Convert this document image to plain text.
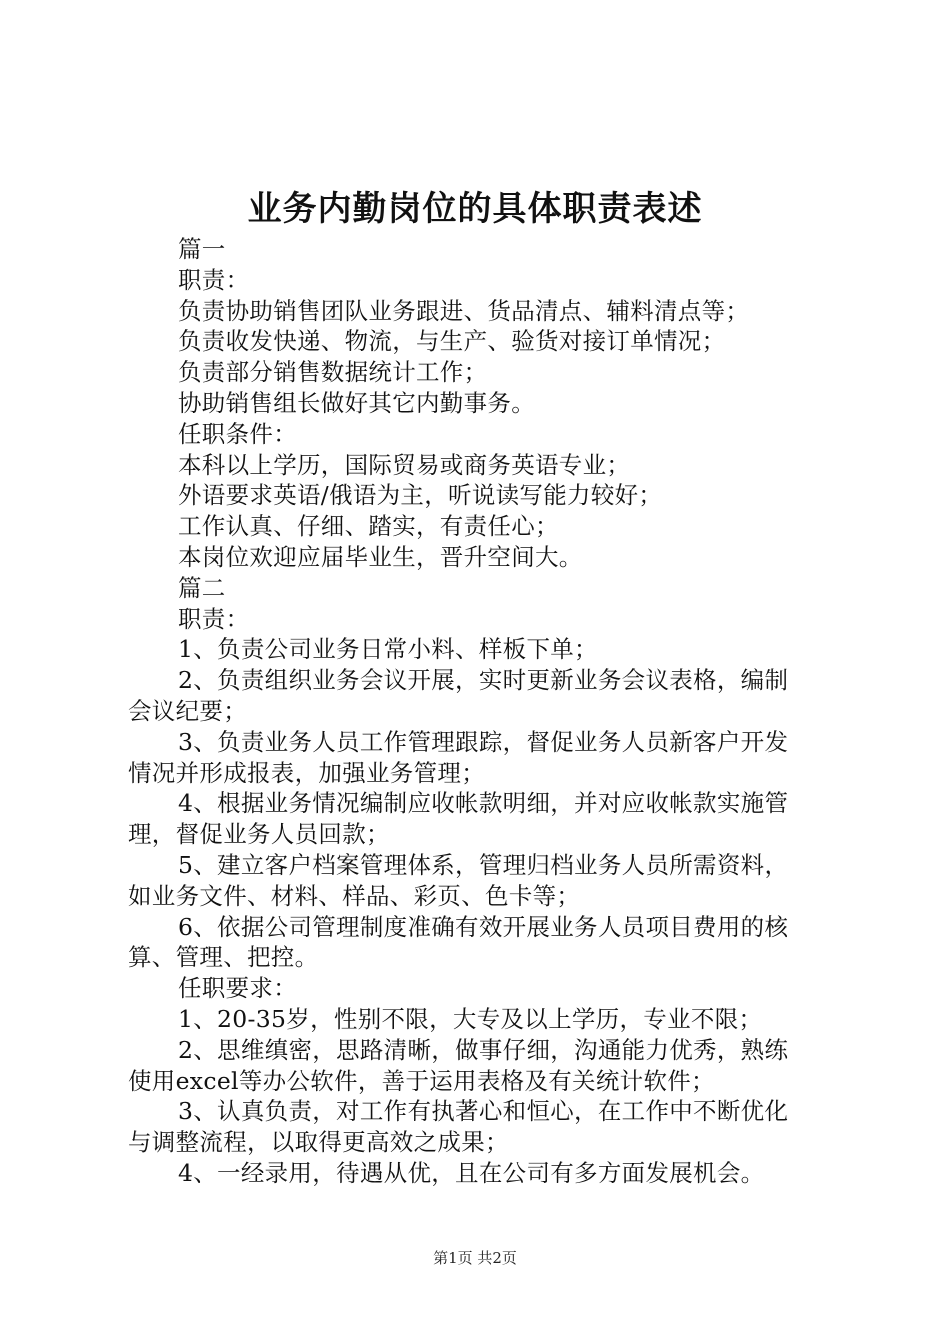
业务内勤岗位的具体职责表述
篇一
职责：
负责协助销售团队业务跟进、货品清点、辅料清点等；
负责收发快递、物流，与生产、验货对接订单情况；
负责部分销售数据统计工作；
协助销售组长做好其它内勤事务。
任职条件：
本科以上学历，国际贸易或商务英语专业；
外语要求英语/俄语为主，听说读写能力较好；
工作认真、仔细、踏实，有责任心；
本岗位欢迎应届毕业生，晋升空间大。
篇二
职责：
1、负责公司业务日常小料、样板下单；
2、负责组织业务会议开展，实时更新业务会议表格，编制
会议纪要；
3、负责业务人员工作管理跟踪，督促业务人员新客户开发
情况并形成报表，加强业务管理；
4、根据业务情况编制应收帐款明细，并对应收帐款实施管
理，督促业务人员回款；
5、建立客户档案管理体系，管理归档业务人员所需资料，
如业务文件、材料、样品、彩页、色卡等；
6、依据公司管理制度准确有效开展业务人员项目费用的核
算、管理、把控。
任职要求：
1、20-35岁，性别不限，大专及以上学历，专业不限；
2、思维缜密，思路清晰，做事仔细，沟通能力优秀，熟练
使用excel等办公软件，善于运用表格及有关统计软件；
3、认真负责，对工作有执著心和恒心，在工作中不断优化
与调整流程，以取得更高效之成果；
4、一经录用，待遇从优，且在公司有多方面发展机会。
第1页 共2页
